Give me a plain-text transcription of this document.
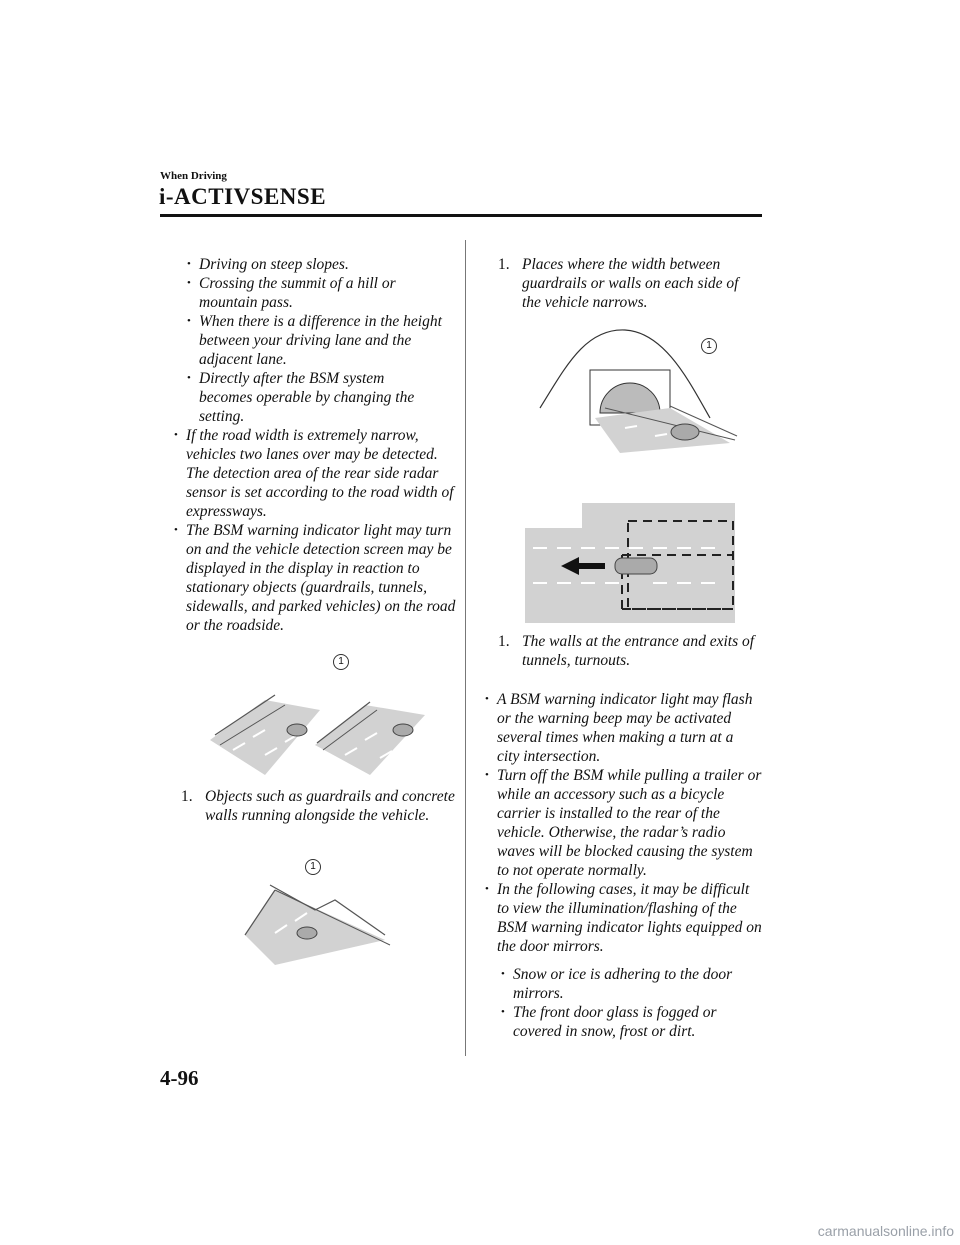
When Driving
i-ACTIVSENSE
• Driving on steep slopes.
• Crossing the summit of a hill or mountain pass.
• When there is a difference in the height between your driving lane and the adjacent lane.
• Directly after the BSM system becomes operable by changing the setting.
• If the road width is extremely narrow, vehicles two lanes over may be detected. The detection area of the rear side radar sensor is set according to the road width of expressways.
• The BSM warning indicator light may turn on and the vehicle detection screen may be displayed in the display in reaction to stationary objects (guardrails, tunnels, sidewalls, and parked vehicles) on the road or the roadside.
1
1. Objects such as guardrails and concrete walls running alongside the vehicle.
1
1. Places where the width between guardrails or walls on each side of the vehicle narrows.
1
1. The walls at the entrance and exits of tunnels, turnouts.
• A BSM warning indicator light may flash or the warning beep may be activated several times when making a turn at a city intersection.
• Turn off the BSM while pulling a trailer or while an accessory such as a bicycle carrier is installed to the rear of the vehicle. Otherwise, the radar’s radio waves will be blocked causing the system to not operate normally.
• In the following cases, it may be difficult to view the illumination/flashing of the BSM warning indicator lights equipped on the door mirrors.
• Snow or ice is adhering to the door mirrors.
• The front door glass is fogged or covered in snow, frost or dirt.
4-96
carmanualsonline.info
